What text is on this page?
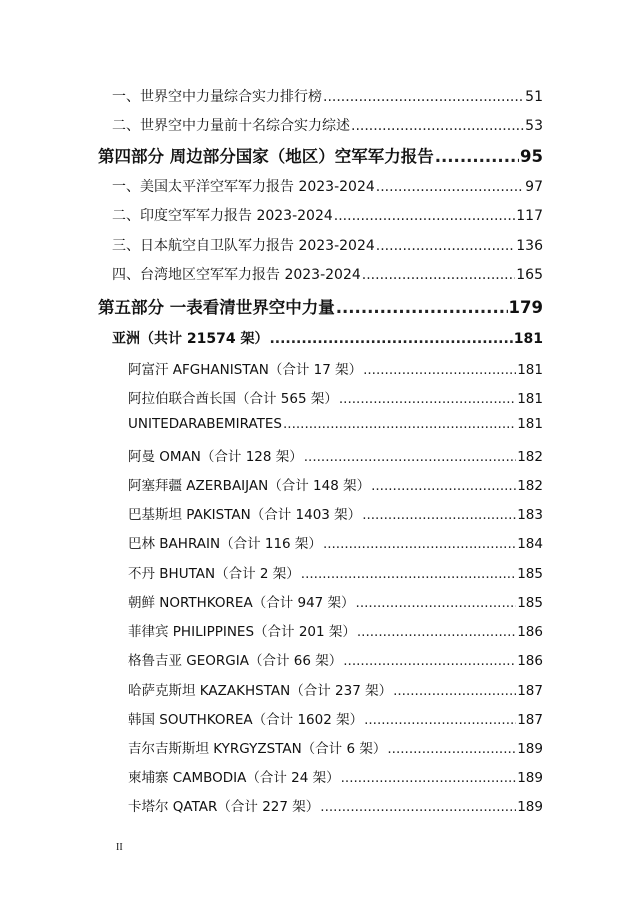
一、世界空中力量综合实力排行榜 .....	51
二、世界空中力量前十名综合实力综述 .....	53
第四部分 周边部分国家（地区）空军军力报告 .....	95
一、美国太平洋空军军力报告 2023-2024 .....	97
二、印度空军军力报告 2023-2024 .....	117
三、日本航空自卫队军力报告 2023-2024 .....	136
四、台湾地区空军军力报告 2023-2024 .....	165
第五部分 一表看清世界空中力量 .....	179
亚洲（共计 21574 架） .....	181
阿富汗 AFGHANISTAN（合计 17 架） .....	181
阿拉伯联合酋长国（合计 565 架） .....	181
UNITEDARABEMIRATES .....	181
阿曼 OMAN（合计 128 架） .....	182
阿塞拜疆 AZERBAIJAN（合计 148 架） .....	182
巴基斯坦 PAKISTAN（合计 1403 架） .....	183
巴林 BAHRAIN（合计 116 架） .....	184
不丹 BHUTAN（合计 2 架） .....	185
朝鲜 NORTHKOREA（合计 947 架） .....	185
菲律宾 PHILIPPINES（合计 201 架） .....	186
格鲁吉亚 GEORGIA（合计 66 架） .....	186
哈萨克斯坦 KAZAKHSTAN（合计 237 架） .....	187
韩国 SOUTHKOREA（合计 1602 架） .....	187
吉尔吉斯斯坦 KYRGYZSTAN（合计 6 架） .....	189
柬埔寨 CAMBODIA（合计 24 架） .....	189
卡塔尔 QATAR（合计 227 架） .....	189
II
